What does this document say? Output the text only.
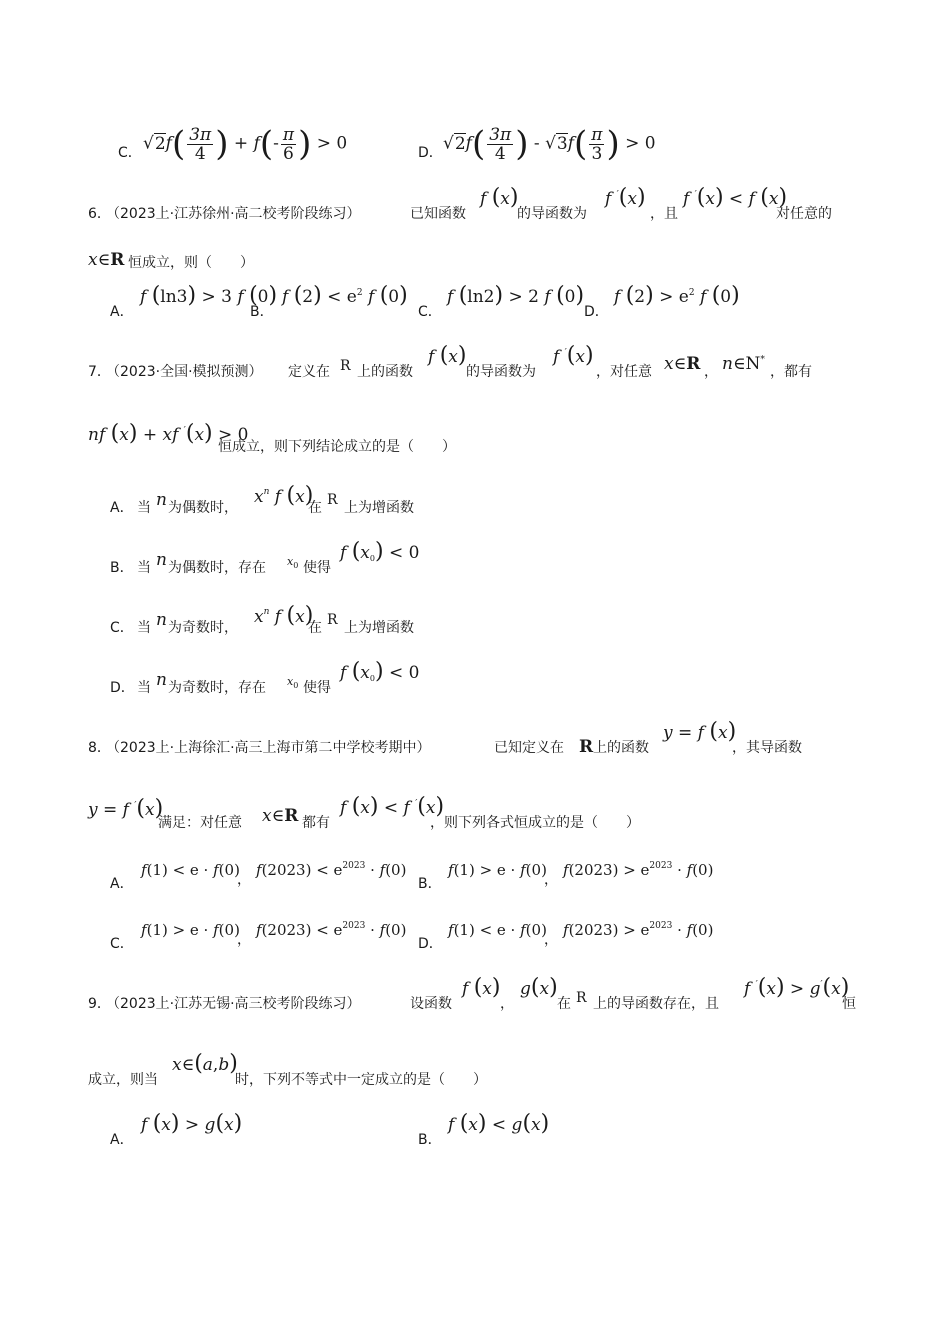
C． $√2f( \frac{3\pi}{4}$ ) + $f(- \frac{\pi}{6}$ ) > 0	D． $√2f( \frac{3\pi}{4}$ ) - $√3f( \frac{\pi}{3}$ ) > 0
6．
（2023上·江苏徐州·高二校考阶段练习）	已知函数
f (x)
的导函数为
f ′(x)
，且
f ′(x) < f (x)
对任意的
x∈R 恒成立，则（　　）
A．
f (ln3) > 3 f (0)
B．
f $(2) < e^2$ f (0)
C．
f (ln2) > 2 f (0)
D．
f $(2) > e^2$ f (0)
7．
（2023·全国·模拟预测） 定义在 R 上的函数
f (x)
的导函数为
f ′(x)
，对任意 x∈R ， n∈N*
，都有
nf (x) + xf ′(x) > 0
恒成立，则下列结论成立的是（　　）
A． 当 n 为偶数时，
$x^n$ f (x)
在 R 上为增函数
B． 当 n 为偶数时，存在 $x_0$ 使得
f $(x_0) < 0$
C． 当 n 为奇数时，
$x^n$ f (x)
在 R 上为增函数
D． 当 n 为奇数时，存在 $x_0$ 使得
f $(x_0) < 0$
8．
（2023上·上海徐汇·高三上海市第二中学校考期中）	已知定义在 R 上的函数
y = f (x)
，其导函数
y = f ′(x)
满足：对任意 x∈R 都有
f (x) < f ′(x)
，则下列各式恒成立的是（　　）
A．
f(1) < e · f(0)
，
$f(2023) < e^{2023} \cdot f(0)$
B．
f(1) > e · f(0)
，
$f(2023) > e^{2023} \cdot f(0)$
C．
f(1) > e · f(0)
，
$f(2023) < e^{2023} \cdot f(0)$
D．
f(1) < e · f(0)
，
$f(2023) > e^{2023} \cdot f(0)$
9．
（2023上·江苏无锡·高三校考阶段练习）	设函数
f (x)
，
g(x)
在 R 上的导函数存在，且
f ′(x) > g′(x)
恒
成立，则当
x∈(a,b)
时，下列不等式中一定成立的是（　　）
A．
f (x) > g(x)
B．
f (x) < g(x)
